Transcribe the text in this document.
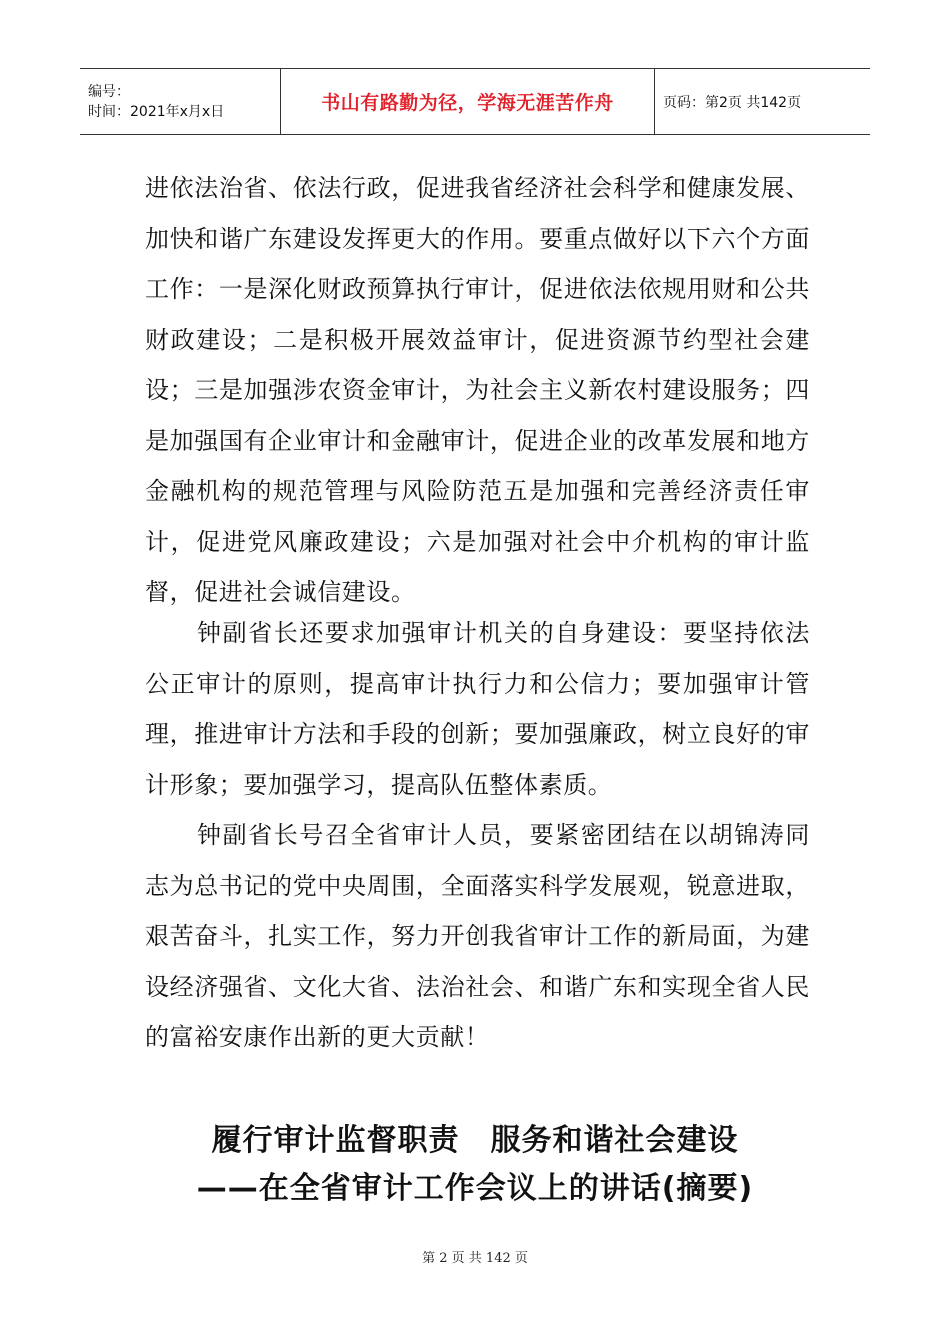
编号：
时间：2021年x月x日	书山有路勤为径，学海无涯苦作舟	页码：第2页 共142页

进依法治省、依法行政，促进我省经济社会科学和健康发展、加快和谐广东建设发挥更大的作用。要重点做好以下六个方面工作：一是深化财政预算执行审计，促进依法依规用财和公共财政建设；二是积极开展效益审计，促进资源节约型社会建设；三是加强涉农资金审计，为社会主义新农村建设服务；四是加强国有企业审计和金融审计，促进企业的改革发展和地方金融机构的规范管理与风险防范五是加强和完善经济责任审计，促进党风廉政建设；六是加强对社会中介机构的审计监督，促进社会诚信建设。

钟副省长还要求加强审计机关的自身建设：要坚持依法公正审计的原则，提高审计执行力和公信力；要加强审计管理，推进审计方法和手段的创新；要加强廉政，树立良好的审计形象；要加强学习，提高队伍整体素质。

钟副省长号召全省审计人员，要紧密团结在以胡锦涛同志为总书记的党中央周围，全面落实科学发展观，锐意进取，艰苦奋斗，扎实工作，努力开创我省审计工作的新局面，为建设经济强省、文化大省、法治社会、和谐广东和实现全省人民的富裕安康作出新的更大贡献！

履行审计监督职责　服务和谐社会建设
——在全省审计工作会议上的讲话(摘要)
第 2 页 共 142 页
